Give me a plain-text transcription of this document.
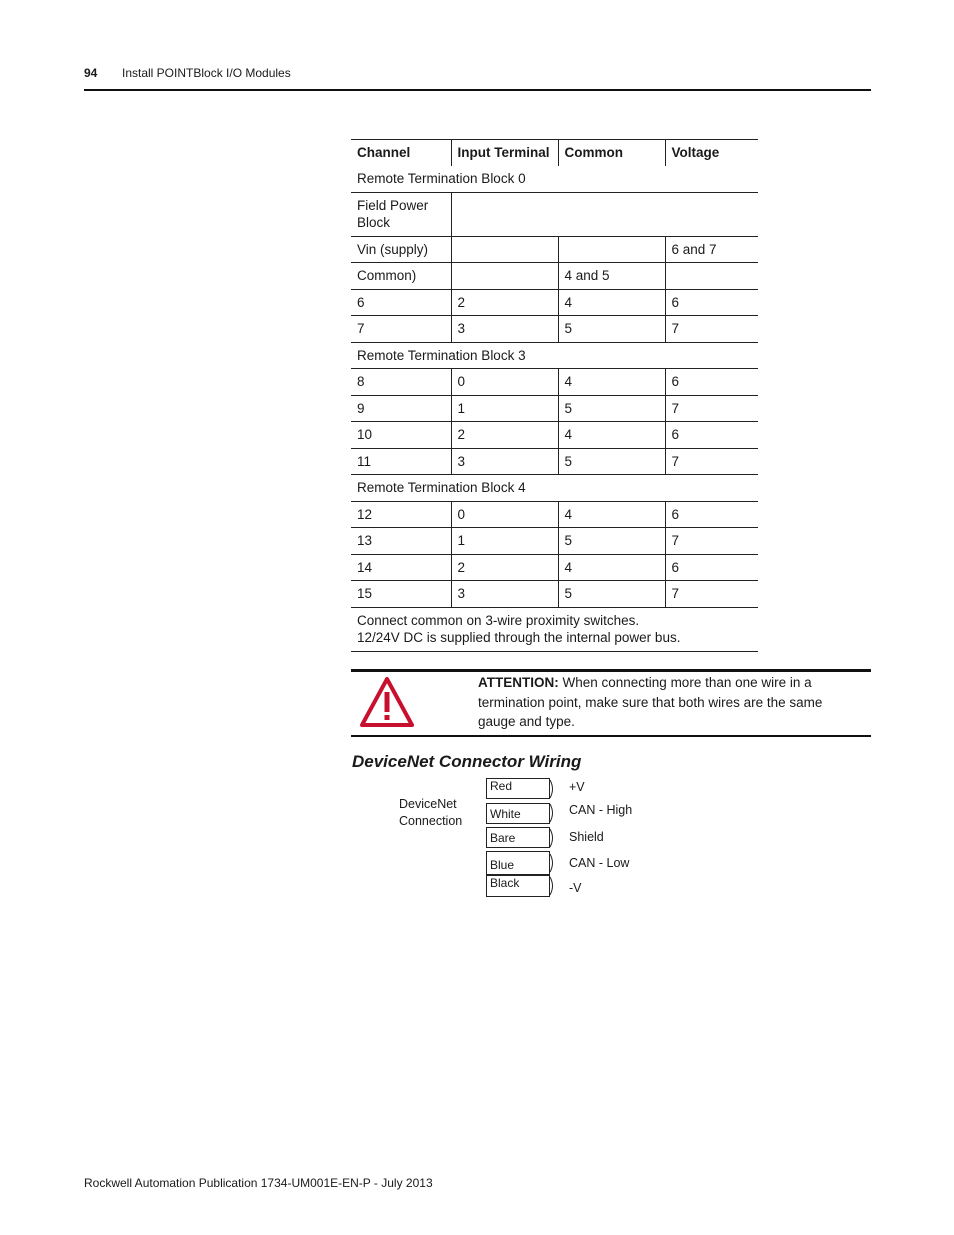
94 Install POINTBlock I/O Modules
Channel	Input Terminal	Common	Voltage
Remote Termination Block 0			
Field Power Block			
Vin (supply)			6 and 7
Common)		4 and 5	
6	2	4	6
7	3	5	7
Remote Termination Block 3			
8	0	4	6
9	1	5	7
10	2	4	6
11	3	5	7
Remote Termination Block 4			
12	0	4	6
13	1	5	7
14	2	4	6
15	3	5	7

Connect common on 3-wire proximity switches.
12/24V DC is supplied through the internal power bus.			
ATTENTION: When connecting more than one wire in a termination point, make sure that both wires are the same gauge and type.
DeviceNet Connector Wiring
DeviceNet
Connection
Red
White
Bare
Blue
Black
+V
CAN - High
Shield
CAN - Low
-V
Rockwell Automation Publication 1734-UM001E-EN-P - July 2013
